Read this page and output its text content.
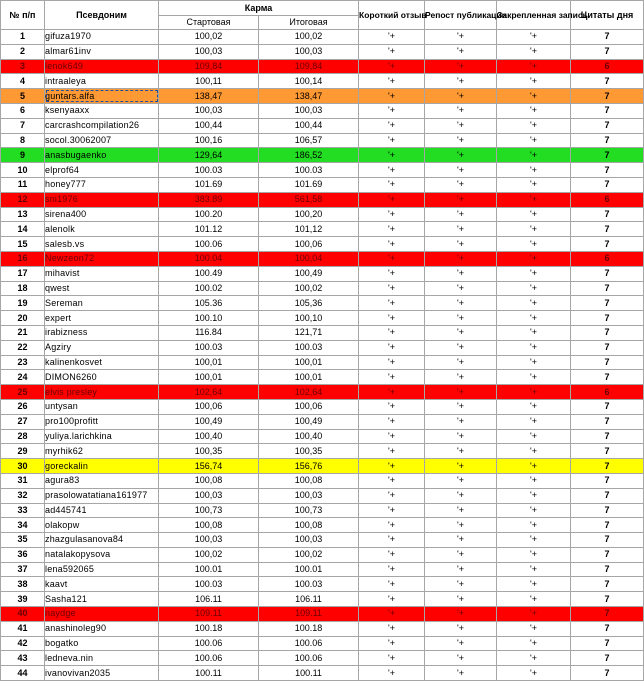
№ п/п	Псевдоним	Карма		Короткий отзыв	Репост публикации	Закрепленная запись	Цитаты дня
		Стартовая	Итоговая				
1	gifuza1970	100,02	100,02	'+	'+	'+	7
2	almar61inv	100,03	100,03	'+	'+	'+	7
3	lenok649	109,84	109,84	'+	'+	'+	6
4	intraaleya	100,11	100,14	'+	'+	'+	7
5	guntars.alfa	138,47	138,47	'+	'+	'+	7
6	ksenyaaxx	100,03	100,03	'+	'+	'+	7
7	carcrashcompilation26	100,44	100,44	'+	'+	'+	7
8	socol.30062007	100,16	106,57	'+	'+	'+	7
9	anasbugaenko	129,64	186,52	'+	'+	'+	7
10	elprof64	100.03	100.03	'+	'+	'+	7
11	honey777	101.69	101.69	'+	'+	'+	7
12	sni1976	383.89	561,58	'+	'+	'+	6
13	sirena400	100.20	100,20	'+	'+	'+	7
14	alenolk	101.12	101,12	'+	'+	'+	7
15	salesb.vs	100.06	100,06	'+	'+	'+	7
16	Newzeon72	100.04	100,04	'+	'+	'+	6
17	mihavist	100.49	100,49	'+	'+	'+	7
18	qwest	100.02	100,02	'+	'+	'+	7
19	Sereman	105.36	105,36	'+	'+	'+	7
20	expert	100.10	100,10	'+	'+	'+	7
21	irabizness	116.84	121,71	'+	'+	'+	7
22	Agziry	100.03	100.03	'+	'+	'+	7
23	kalinenkosvet	100,01	100,01	'+	'+	'+	7
24	DIMON6260	100,01	100,01	'+	'+	'+	7
25	elvis presley	102,64	102,64	'+	'+	'+	6
26	untysan	100,06	100,06	'+	'+	'+	7
27	pro100profitt	100,49	100,49	'+	'+	'+	7
28	yuliya.larichkina	100,40	100,40	'+	'+	'+	7
29	myrhik62	100,35	100,35	'+	'+	'+	7
30	goreckalin	156,74	156,76	'+	'+	'+	7
31	agura83	100,08	100,08	'+	'+	'+	7
32	prasolowatatiana161977	100,03	100,03	'+	'+	'+	7
33	ad445741	100,73	100,73	'+	'+	'+	7
34	olakopw	100,08	100,08	'+	'+	'+	7
35	zhazgulasanova84	100,03	100,03	'+	'+	'+	7
36	natalakopysova	100,02	100,02	'+	'+	'+	7
37	lena592065	100.01	100.01	'+	'+	'+	7
38	kaavt	100.03	100.03	'+	'+	'+	7
39	Sasha121	106.11	106.11	'+	'+	'+	7
40	naydge	109.11	109.11	'+	'+	'+	7
41	anashinoleg90	100.18	100.18	'+	'+	'+	7
42	bogatko	100.06	100.06	'+	'+	'+	7
43	ledneva.nin	100.06	100.06	'+	'+	'+	7
44	ivanovivan2035	100.11	100.11	'+	'+	'+	7
